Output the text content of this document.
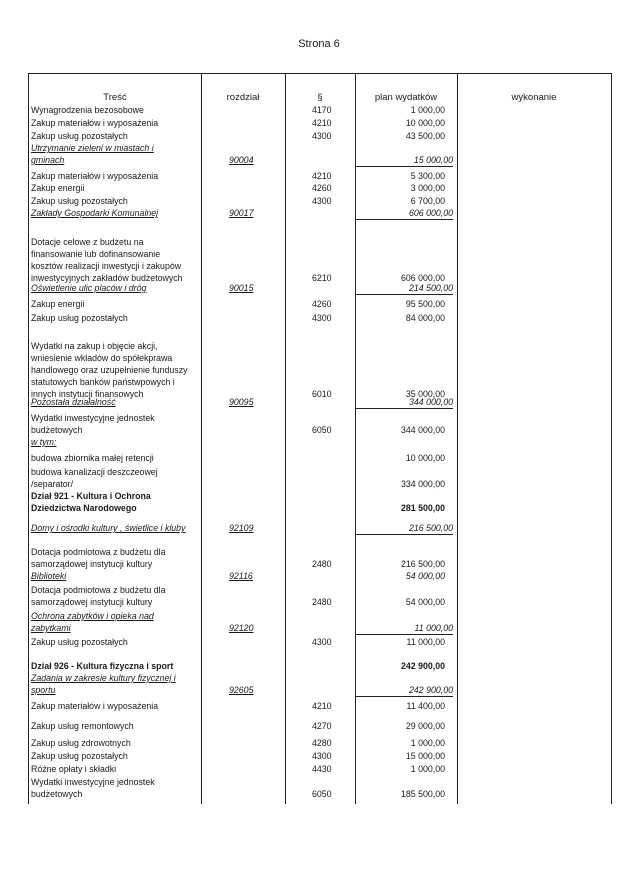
Strona 6
Treść	rozdział	§	plan wydatków	wykonanie
Wynagrodzenia bezosobowe	4170	1 000,00
Zakup materiałów i wyposażenia	4210	10 000,00
Zakup usług pozostałych	4300	43 500,00
Utrzymanie zieleni w miastach i
gminach	90004	15 000,00
Zakup materiałów i wyposażenia	4210	5 300,00
Zakup energii	4260	3 000,00
Zakup usług pozostałych	4300	6 700,00
Zakłady Gospodarki Komunalnej	90017	606 000,00
Dotacje celowe z budżetu na
finansowanie lub dofinansowanie
kosztów realizacji inwestycji i zakupów
inwestycyjnych zakładów budżetowych	6210	606 000,00
Oświetlenie ulic placów i dróg	90015	214 500,00
Zakup energii	4260	95 500,00
Zakup usług pozostałych	4300	84 000,00
Wydatki na zakup i objęcie akcji,
wniesienie wkładów do spółekprawa
handlowego oraz uzupełnienie funduszy
statutowych banków państwpowych i
innych instytucji finansowych	6010	35 000,00
Pozostała działalność	90095	344 000,00
Wydatki inwestycyjne jednostek
budżetowych	6050	344 000,00
w tym:
budowa zbiornika małej retencji	10 000,00
budowa kanalizacji deszczeowej
/separator/	334 000,00
Dział 921 - Kultura i Ochrona
Dziedzictwa Narodowego	281 500,00
Domy i ośrodki kultury , świetlice i kluby	92109	216 500,00
Dotacja podmiotowa z budżetu dla
samorządowej instytucji kultury	2480	216 500,00
Biblioteki	92116	54 000,00
Dotacja podmiotowa z budżetu dla
samorządowej instytucji kultury	2480	54 000,00
Ochrona zabytków i opieka nad
zabytkami	92120	11 000,00
Zakup usług pozostałych	4300	11 000,00
Dział 926 - Kultura fizyczna i sport	242 900,00
Zadania w zakresie kultury fizycznej i
sportu	92605	242 900,00
Zakup materiałów i wyposażenia	4210	11 400,00
Zakup usług remontowych	4270	29 000,00
Zakup usług zdrowotnych	4280	1 000,00
Zakup usług pozostałych	4300	15 000,00
Różne opłaty i składki	4430	1 000,00
Wydatki inwestycyjne jednostek
budżetowych	6050	185 500,00
